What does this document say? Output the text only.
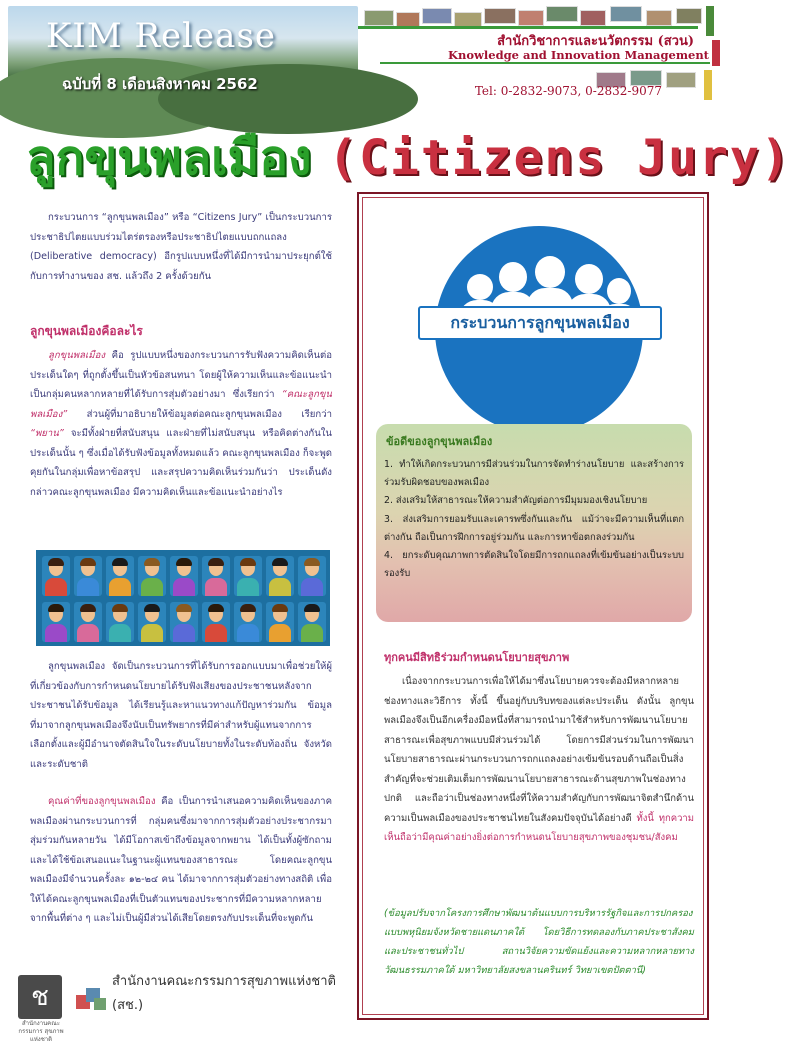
KIM Release
ฉบับที่ 8 เดือนสิงหาคม 2562
สำนักวิชาการและนวัตกรรม (สวน)
Knowledge and Innovation Management
Tel: 0-2832-9073, 0-2832-9077
ลูกขุนพลเมือง (Citizens Jury)
กระบวนการ “ลูกขุนพลเมือง” หรือ “Citizens Jury” เป็นกระบวนการประชาธิปไตยแบบร่วมไตร่ตรองหรือประชาธิปไตยแบบถกแถลง (Deliberative democracy) อีกรูปแบบหนึ่งที่ได้มีการนำมาประยุกต์ใช้กับการทำงานของ สช. แล้วถึง 2 ครั้งด้วยกัน
ลูกขุนพลเมืองคือละไร
ลูกขุนพลเมือง คือ รูปแบบหนึ่งของกระบวนการรับฟังความคิดเห็นต่อประเด็นใดๆ ที่ถูกตั้งขึ้นเป็นหัวข้อสนทนา โดยผู้ให้ความเห็นและข้อแนะนำเป็นกลุ่มคนหลากหลายที่ได้รับการสุ่มตัวอย่างมา ซึ่งเรียกว่า “คณะลูกขุนพลเมือง” ส่วนผู้ที่มาอธิบายให้ข้อมูลต่อคณะลูกขุนพลเมือง เรียกว่า “พยาน” จะมีทั้งฝ่ายที่สนับสนุน และฝ่ายที่ไม่สนับสนุน หรือคิดต่างกันในประเด็นนั้น ๆ ซึ่งเมื่อได้รับฟังข้อมูลทั้งหมดแล้ว คณะลูกขุนพลเมือง ก็จะพูดคุยกันในกลุ่มเพื่อหาข้อสรุป และสรุปความคิดเห็นร่วมกันว่า ประเด็นดังกล่าวคณะลูกขุนพลเมือง มีความคิดเห็นและข้อแนะนำอย่างไร
ลูกขุนพลเมือง จัดเป็นกระบวนการที่ได้รับการออกแบบมาเพื่อช่วยให้ผู้ที่เกี่ยวข้องกับการกำหนดนโยบายได้รับฟังเสียงของประชาชนหลังจากประชาชนได้รับข้อมูล ได้เรียนรู้และหาแนวทางแก้ปัญหาร่วมกัน ข้อมูลที่มาจากลูกขุนพลเมืองจึงนับเป็นทรัพยากรที่มีค่าสำหรับผู้แทนจากการเลือกตั้งและผู้มีอำนาจตัดสินใจในระดับนโยบายทั้งในระดับท้องถิ่น จังหวัด และระดับชาติ
คุณค่าที่ของลูกขุนพลเมือง คือ เป็นการนำเสนอความคิดเห็นของภาคพลเมืองผ่านกระบวนการที่ กลุ่มคนซึ่งมาจากการสุ่มตัวอย่างประชากรมาสุ่มร่วมกันหลายวัน ได้มีโอกาสเข้าถึงข้อมูลจากพยาน ได้เป็นทั้งผู้ซักถาม และได้ใช้ข้อเสนอแนะในฐานะผู้แทนของสาธารณะ โดยคณะลูกขุนพลเมืองมีจำนวนครั้งละ ๑๒-๒๔ คน ได้มาจากการสุ่มตัวอย่างทางสถิติ เพื่อให้ได้คณะลูกขุนพลเมืองที่เป็นตัวแทนของประชากรที่มีความหลากหลายจากพื้นที่ต่าง ๆ และไม่เป็นผู้มีส่วนได้เสียโดยตรงกับประเด็นที่จะพูดกัน
ช
สำนักงานคณะกรรมการ สุขภาพแห่งชาติ
สำนักงานคณะกรรมการสุขภาพแห่งชาติ (สช.)
กระบวนการลูกขุนพลเมือง
ข้อดีของลูกขุนพลเมือง
1. ทำให้เกิดกระบวนการมีส่วนร่วมในการจัดทำร่างนโยบาย และสร้างการร่วมรับผิดชอบของพลเมือง
2. ส่งเสริมให้สาธารณะให้ความสำคัญต่อการมีมุมมองเชิงนโยบาย
3. ส่งเสริมการยอมรับและเคารพซึ่งกันและกัน แม้ว่าจะมีความเห็นที่แตกต่างกัน ถือเป็นการฝึกการอยู่ร่วมกัน และการหาข้อตกลงร่วมกัน
4. ยกระดับคุณภาพการตัดสินใจโดยมีการถกแถลงที่เข้มข้นอย่างเป็นระบบรองรับ
ทุกคนมีสิทธิร่วมกำหนดนโยบายสุขภาพ
เนื่องจากกระบวนการเพื่อให้ได้มาซึ่งนโยบายควรจะต้องมีหลากหลายช่องทางและวิธีการ ทั้งนี้ ขึ้นอยู่กับบริบทของแต่ละประเด็น ดังนั้น ลูกขุนพลเมืองจึงเป็นอีกเครื่องมือหนึ่งที่สามารถนำมาใช้สำหรับการพัฒนานโยบายสาธารณะเพื่อสุขภาพแบบมีส่วนร่วมได้ โดยการมีส่วนร่วมในการพัฒนานโยบายสาธารณะผ่านกระบวนการถกแถลงอย่างเข้มข้นรอบด้านถือเป็นสิ่งสำคัญที่จะช่วยเติมเต็มการพัฒนานโยบายสาธารณะด้านสุขภาพในช่องทางปกติ และถือว่าเป็นช่องทางหนึ่งที่ให้ความสำคัญกับการพัฒนาจิตสำนึกด้านความเป็นพลเมืองของประชาชนไทยในสังคมปัจจุบันได้อย่างดี ทั้งนี้ ทุกความเห็นถือว่ามีคุณค่าอย่างยิ่งต่อการกำหนดนโยบายสุขภาพของชุมชน/สังคม
(ข้อมูลปรับจากโครงการศึกษาพัฒนาต้นแบบการบริหารรัฐกิจและการปกครองแบบพหุนิยมจังหวัดชายแดนภาคใต้ โดยวิธีการทดลองกับภาคประชาสังคมและประชาชนทั่วไป สถานวิจัยความขัดแย้งและความหลากหลายทางวัฒนธรรมภาคใต้ มหาวิทยาลัยสงขลานครินทร์ วิทยาเขตปัตตานี)
